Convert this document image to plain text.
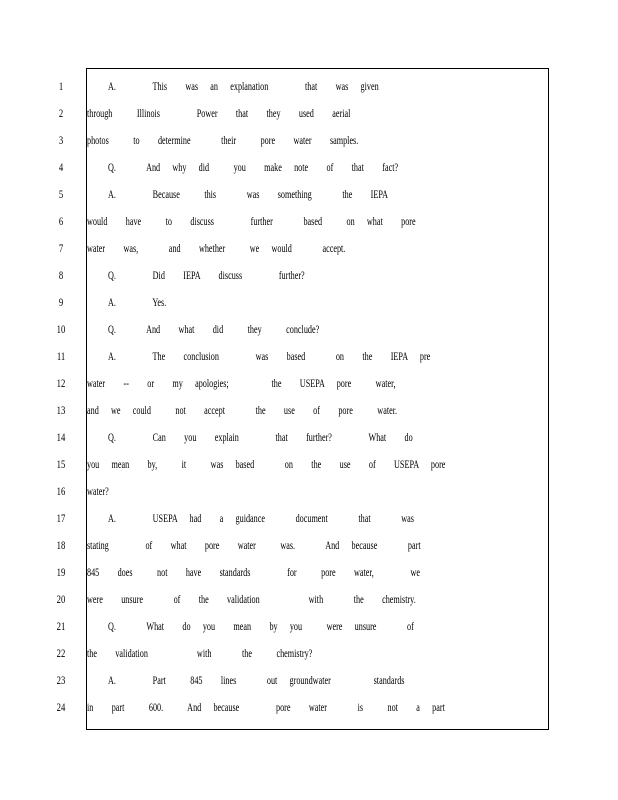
1
2
3
4
5
6
7
8
9
10
11
12
13
14
15
16
17
18
19
20
21
22
23
24
A.      This   was  an  explanation      that   was  given
through    Illinois      Power   that   they   used   aerial
photos    to   determine     their    pore   water   samples.
Q.     And  why  did    you   make  note   of   that   fact?
A.      Because    this     was   something     the   IEPA
would   have    to   discuss      further     based    on  what   pore
water   was,     and   whether    we  would     accept.
Q.      Did   IEPA   discuss      further?
A.      Yes.
Q.     And   what   did    they    conclude?
A.      The   conclusion      was   based     on   the   IEPA  pre
water   --   or   my  apologies;       the   USEPA  pore    water,
and  we  could    not   accept     the   use   of   pore    water.
Q.      Can   you   explain      that   further?      What   do
you  mean   by,    it    was  based     on   the   use   of   USEPA  pore
water?
A.      USEPA  had   a  guidance     document     that     was
stating      of   what   pore   water    was.     And  because     part
845   does    not   have   standards      for    pore   water,      we
were   unsure     of   the   validation        with     the   chemistry.
Q.     What   do  you   mean   by  you    were  unsure     of
the   validation        with     the    chemistry?
A.      Part    845   lines     out  groundwater       standards
in   part    600.    And  because      pore   water     is    not   a  part
